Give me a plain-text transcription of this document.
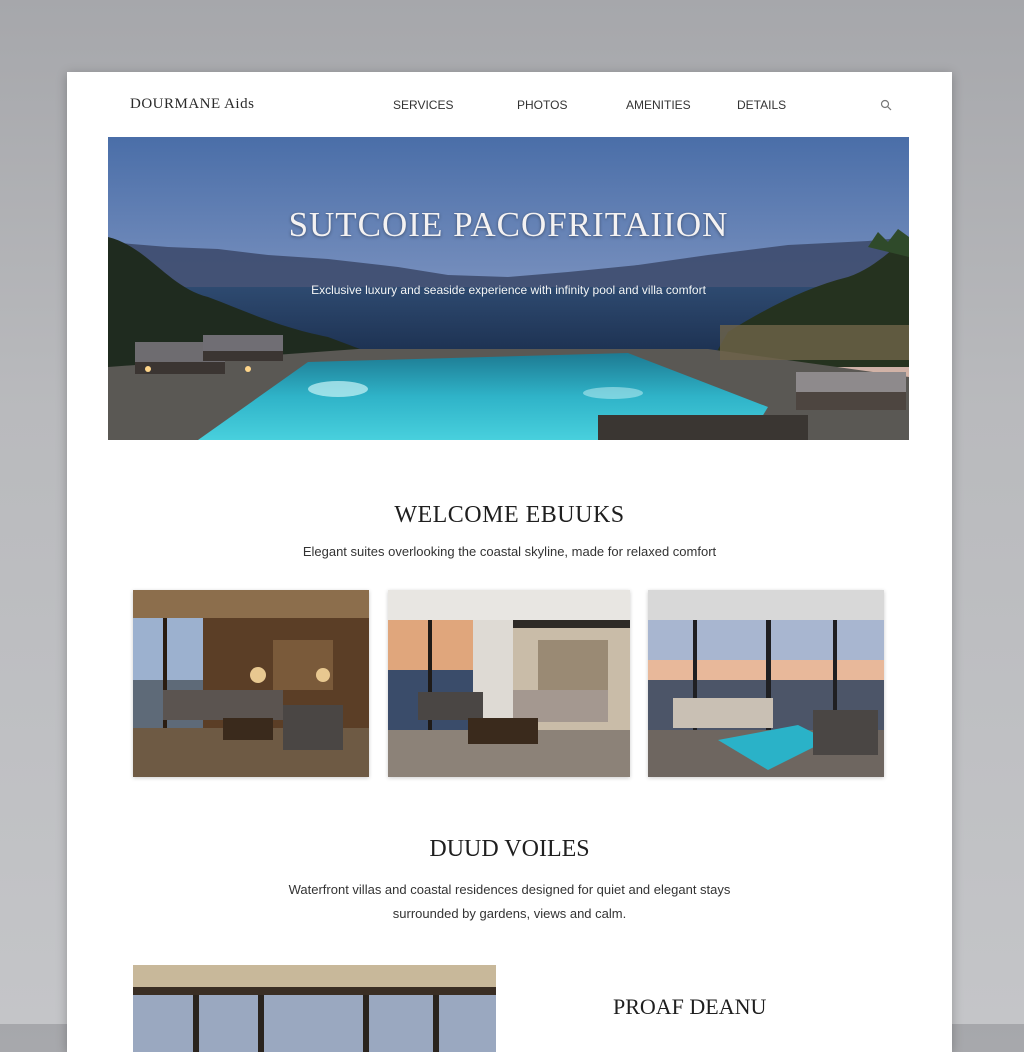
DOURMANE Aids	SERVICES	PHOTOS	AMENITIES	DETAILS
SUTCOIE PACOFRITAIION
Exclusive luxury and seaside experience with infinity pool and villa comfort
WELCOME EBUUKS
Elegant suites overlooking the coastal skyline, made for relaxed comfort
DUUD VOILES
Waterfront villas and coastal residences designed for quiet and elegant stays
surrounded by gardens, views and calm.
PROAF DEANU
